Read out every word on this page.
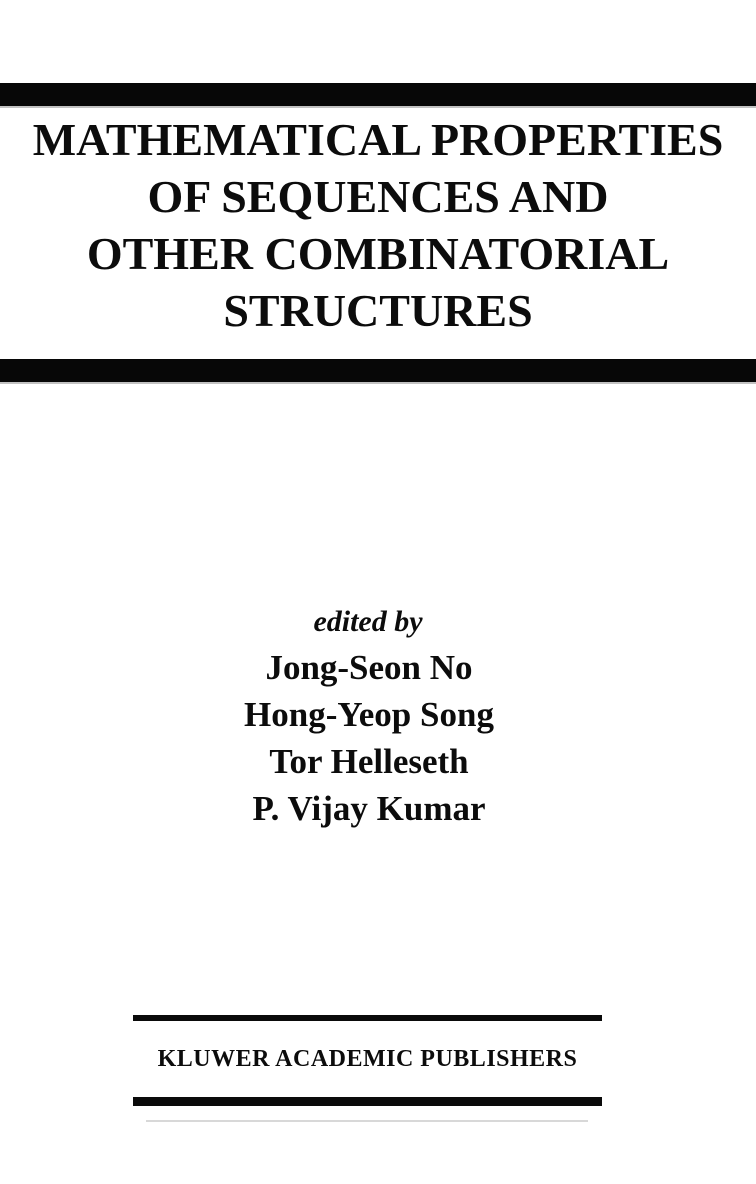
MATHEMATICAL PROPERTIES
OF SEQUENCES AND
OTHER COMBINATORIAL
STRUCTURES
edited by
Jong-Seon No
Hong-Yeop Song
Tor Helleseth
P. Vijay Kumar
KLUWER ACADEMIC PUBLISHERS
